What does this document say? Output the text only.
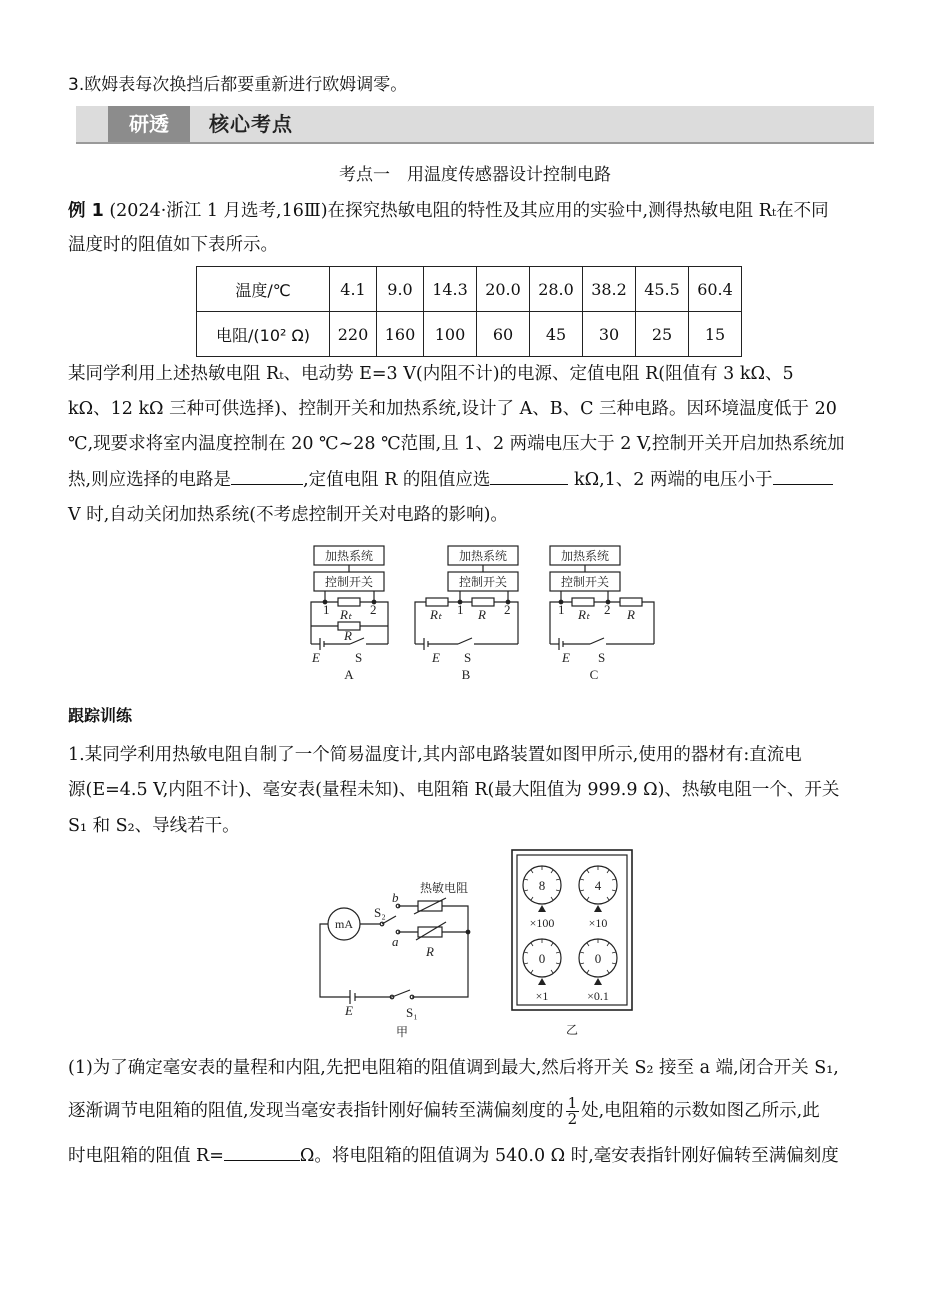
3.欧姆表每次换挡后都要重新进行欧姆调零。
研透	核心考点
考点一　用温度传感器设计控制电路
例 1 (2024·浙江 1 月选考,16Ⅲ)在探究热敏电阻的特性及其应用的实验中,测得热敏电阻 Rₜ在不同
温度时的阻值如下表所示。
温度/℃	4.1	9.0	14.3	20.0	28.0	38.2	45.5	60.4
电阻/(10² Ω)	220	160	100	60	45	30	25	15
某同学利用上述热敏电阻 Rₜ、电动势 E=3 V(内阻不计)的电源、定值电阻 R(阻值有 3 kΩ、5
kΩ、12 kΩ 三种可供选择)、控制开关和加热系统,设计了 A、B、C 三种电路。因环境温度低于 20
℃,现要求将室内温度控制在 20 ℃~28 ℃范围,且 1、2 两端电压大于 2 V,控制开关开启加热系统加
热,则应选择的电路是	,定值电阻 R 的阻值应选	kΩ,1、2 两端的电压小于
V 时,自动关闭加热系统(不考虑控制开关对电路的影响)。
加热系统
控制开关
1 Rₜ 2
R
E	S
A
加热系统
控制开关
Rₜ 1 R 2
E S
B
加热系统
控制开关
1 Rₜ 2 R
E S
C
跟踪训练
1.某同学利用热敏电阻自制了一个简易温度计,其内部电路装置如图甲所示,使用的器材有:直流电
源(E=4.5 V,内阻不计)、毫安表(量程未知)、电阻箱 R(最大阻值为 999.9 Ω)、热敏电阻一个、开关
S₁ 和 S₂、导线若干。
mA
热敏电阻
S₂
b
a
R
E	S₁
甲
8
×100
4
×10
0
×1
0
×0.1
乙
(1)为了确定毫安表的量程和内阻,先把电阻箱的阻值调到最大,然后将开关 S₂ 接至 a 端,闭合开关 S₁,
逐渐调节电阻箱的阻值,发现当毫安表指针刚好偏转至满偏刻度的 $\frac{1}{2}$ 处,电阻箱的示数如图乙所示,此
时电阻箱的阻值 R=	Ω。将电阻箱的阻值调为 540.0 Ω 时,毫安表指针刚好偏转至满偏刻度
